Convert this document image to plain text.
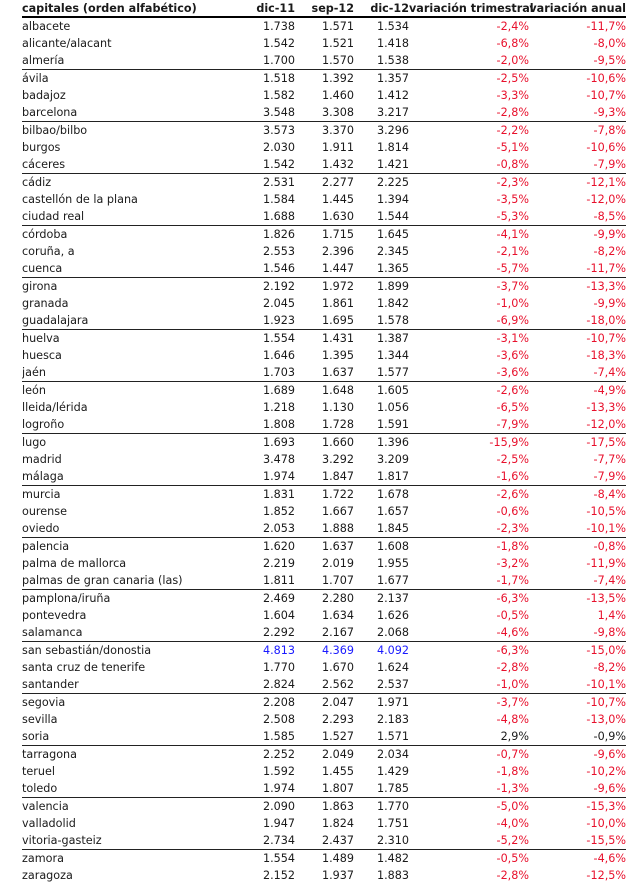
capitales (orden alfabético)	dic-11	sep-12	dic-12	variación trimestral	variación anual
albacete	1.738	1.571	1.534	-2,4%	-11,7%
alicante/alacant	1.542	1.521	1.418	-6,8%	-8,0%
almería	1.700	1.570	1.538	-2,0%	-9,5%
ávila	1.518	1.392	1.357	-2,5%	-10,6%
badajoz	1.582	1.460	1.412	-3,3%	-10,7%
barcelona	3.548	3.308	3.217	-2,8%	-9,3%
bilbao/bilbo	3.573	3.370	3.296	-2,2%	-7,8%
burgos	2.030	1.911	1.814	-5,1%	-10,6%
cáceres	1.542	1.432	1.421	-0,8%	-7,9%
cádiz	2.531	2.277	2.225	-2,3%	-12,1%
castellón de la plana	1.584	1.445	1.394	-3,5%	-12,0%
ciudad real	1.688	1.630	1.544	-5,3%	-8,5%
córdoba	1.826	1.715	1.645	-4,1%	-9,9%
coruña, a	2.553	2.396	2.345	-2,1%	-8,2%
cuenca	1.546	1.447	1.365	-5,7%	-11,7%
girona	2.192	1.972	1.899	-3,7%	-13,3%
granada	2.045	1.861	1.842	-1,0%	-9,9%
guadalajara	1.923	1.695	1.578	-6,9%	-18,0%
huelva	1.554	1.431	1.387	-3,1%	-10,7%
huesca	1.646	1.395	1.344	-3,6%	-18,3%
jaén	1.703	1.637	1.577	-3,6%	-7,4%
león	1.689	1.648	1.605	-2,6%	-4,9%
lleida/lérida	1.218	1.130	1.056	-6,5%	-13,3%
logroño	1.808	1.728	1.591	-7,9%	-12,0%
lugo	1.693	1.660	1.396	-15,9%	-17,5%
madrid	3.478	3.292	3.209	-2,5%	-7,7%
málaga	1.974	1.847	1.817	-1,6%	-7,9%
murcia	1.831	1.722	1.678	-2,6%	-8,4%
ourense	1.852	1.667	1.657	-0,6%	-10,5%
oviedo	2.053	1.888	1.845	-2,3%	-10,1%
palencia	1.620	1.637	1.608	-1,8%	-0,8%
palma de mallorca	2.219	2.019	1.955	-3,2%	-11,9%
palmas de gran canaria (las)	1.811	1.707	1.677	-1,7%	-7,4%
pamplona/iruña	2.469	2.280	2.137	-6,3%	-13,5%
pontevedra	1.604	1.634	1.626	-0,5%	1,4%
salamanca	2.292	2.167	2.068	-4,6%	-9,8%
san sebastián/donostia	4.813	4.369	4.092	-6,3%	-15,0%
santa cruz de tenerife	1.770	1.670	1.624	-2,8%	-8,2%
santander	2.824	2.562	2.537	-1,0%	-10,1%
segovia	2.208	2.047	1.971	-3,7%	-10,7%
sevilla	2.508	2.293	2.183	-4,8%	-13,0%
soria	1.585	1.527	1.571	2,9%	-0,9%
tarragona	2.252	2.049	2.034	-0,7%	-9,6%
teruel	1.592	1.455	1.429	-1,8%	-10,2%
toledo	1.974	1.807	1.785	-1,3%	-9,6%
valencia	2.090	1.863	1.770	-5,0%	-15,3%
valladolid	1.947	1.824	1.751	-4,0%	-10,0%
vitoria-gasteiz	2.734	2.437	2.310	-5,2%	-15,5%
zamora	1.554	1.489	1.482	-0,5%	-4,6%
zaragoza	2.152	1.937	1.883	-2,8%	-12,5%
